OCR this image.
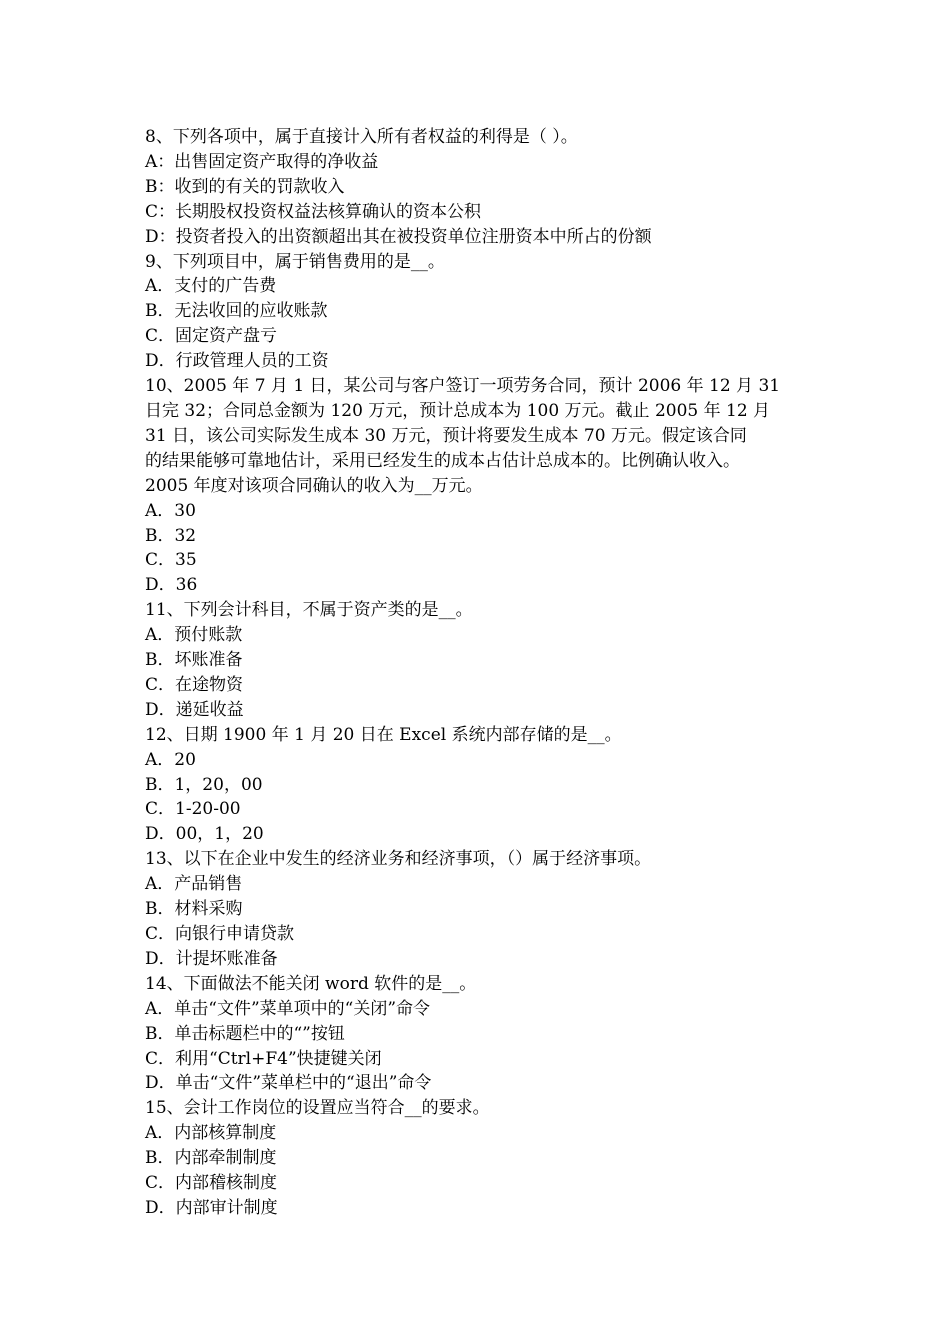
8、下列各项中，属于直接计入所有者权益的利得是（ ）。
A：出售固定资产取得的净收益
B：收到的有关的罚款收入
C：长期股权投资权益法核算确认的资本公积
D：投资者投入的出资额超出其在被投资单位注册资本中所占的份额
9、下列项目中，属于销售费用的是__。
A．支付的广告费
B．无法收回的应收账款
C．固定资产盘亏
D．行政管理人员的工资
10、2005 年 7 月 1 日，某公司与客户签订一项劳务合同，预计 2006 年 12 月 31
日完 32；合同总金额为 120 万元，预计总成本为 100 万元。截止 2005 年 12 月
31 日，该公司实际发生成本 30 万元，预计将要发生成本 70 万元。假定该合同
的结果能够可靠地估计，采用已经发生的成本占估计总成本的。比例确认收入。
2005 年度对该项合同确认的收入为__万元。
A．30
B．32
C．35
D．36
11、下列会计科目，不属于资产类的是__。
A．预付账款
B．坏账准备
C．在途物资
D．递延收益
12、日期 1900 年 1 月 20 日在 Excel 系统内部存储的是__。
A．20
B．1，20，00
C．1-20-00
D．00，1，20
13、以下在企业中发生的经济业务和经济事项，（）属于经济事项。
A．产品销售
B．材料采购
C．向银行申请贷款
D．计提坏账准备
14、下面做法不能关闭 word 软件的是__。
A．单击“文件”菜单项中的“关闭”命令
B．单击标题栏中的“”按钮
C．利用“Ctrl+F4”快捷键关闭
D．单击“文件”菜单栏中的“退出”命令
15、会计工作岗位的设置应当符合__的要求。
A．内部核算制度
B．内部牵制制度
C．内部稽核制度
D．内部审计制度
